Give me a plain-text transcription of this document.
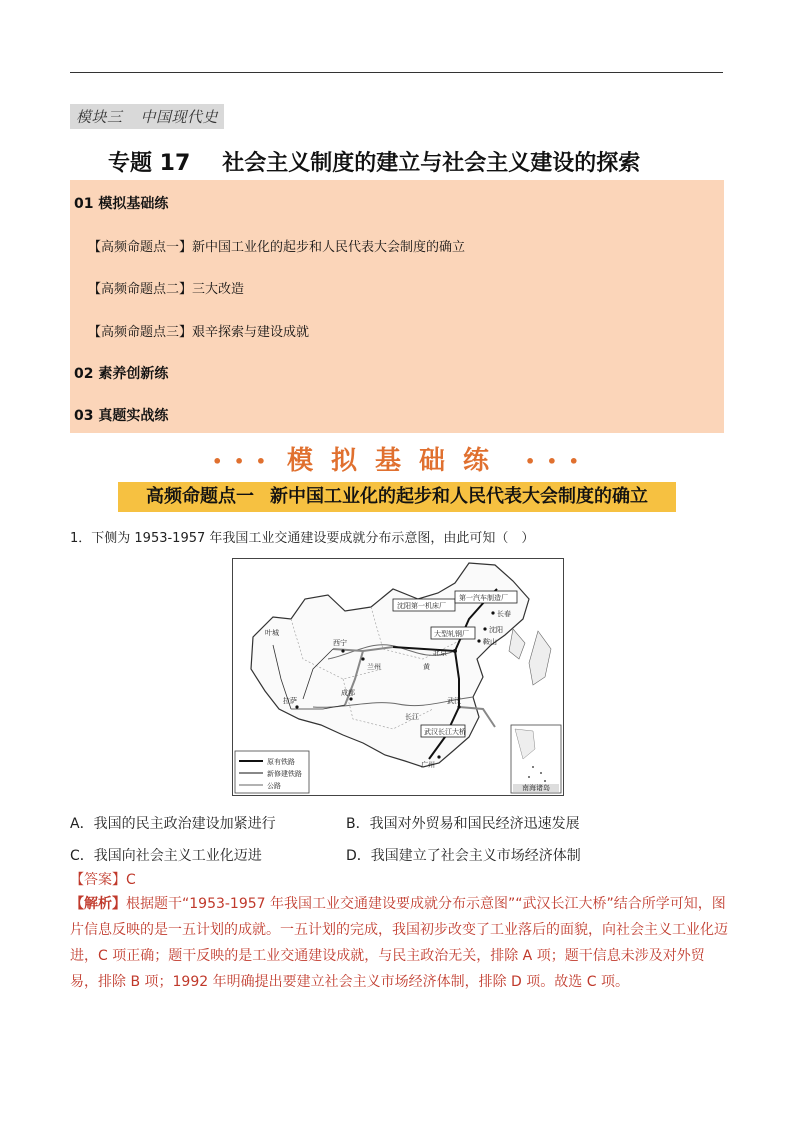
模块三 中国现代史
专题 17 社会主义制度的建立与社会主义建设的探索
01 模拟基础练
【高频命题点一】新中国工业化的起步和人民代表大会制度的确立
【高频命题点二】三大改造
【高频命题点三】艰辛探索与建设成就
02 素养创新练
03 真题实战练
• • • 模拟基础练 • • •
高频命题点一 新中国工业化的起步和人民代表大会制度的确立
1．下侧为 1953-1957 年我国工业交通建设要成就分布示意图，由此可知（　）
南海诸岛
沈阳第一机床厂
第一汽车制造厂
大型轧钢厂
武汉长江大桥
北京
沈阳
长春
鞍山
西宁
兰州
成都
武汉
广州
叶城
拉萨
长江
黄
原有铁路
新修建铁路
公路
A．我国的民主政治建设加紧进行	B．我国对外贸易和国民经济迅速发展
C．我国向社会主义工业化迈进	D．我国建立了社会主义市场经济体制
【答案】C
【解析】根据题干“1953-1957 年我国工业交通建设要成就分布示意图”“武汉长江大桥”结合所学可知，图片信息反映的是一五计划的成就。一五计划的完成，我国初步改变了工业落后的面貌，向社会主义工业化迈进，C 项正确；题干反映的是工业交通建设成就，与民主政治无关，排除 A 项；题干信息未涉及对外贸易，排除 B 项；1992 年明确提出要建立社会主义市场经济体制，排除 D 项。故选 C 项。
